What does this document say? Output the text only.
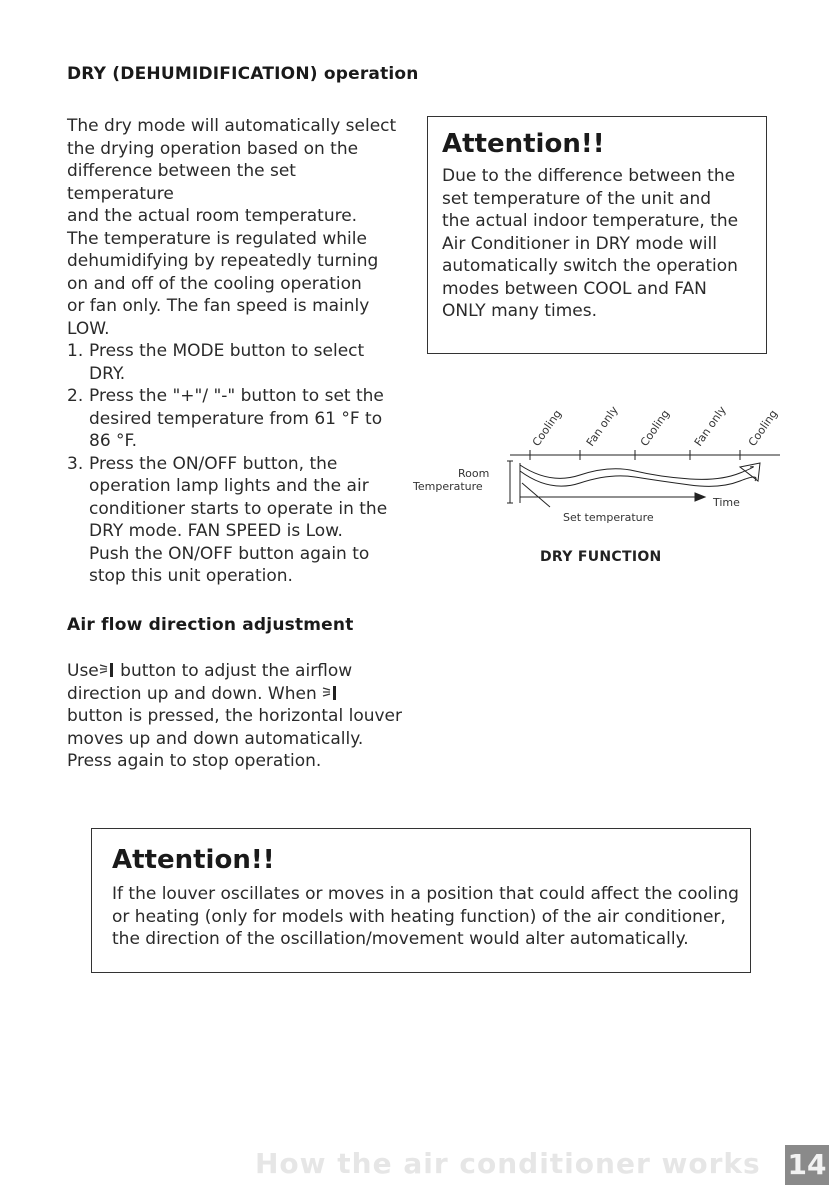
DRY (DEHUMIDIFICATION) operation

The dry mode will automatically select

the drying operation based on the

difference between the set temperature

and the actual room temperature.

The temperature is regulated while

dehumidifying by repeatedly turning

on and off of the cooling operation

or fan only. The fan speed is mainly

LOW.

1. Press the MODE button to select

DRY.

2. Press the "+"/ "-" button to set the

desired temperature from 61 °F to

86 °F.

3. Press the ON/OFF button, the

operation lamp lights and the air

conditioner starts to operate in the

DRY mode. FAN SPEED is Low.

Push the ON/OFF button again to

stop this unit operation.

Air flow direction adjustment

Use button to adjust the airflow

direction up and down. When

button is pressed, the horizontal louver

moves up and down automatically.

Press again to stop operation.

Attention!!
Due to the difference between the
set temperature of the unit and
the actual indoor temperature, the
Air Conditioner in DRY mode will
automatically switch the operation
modes between COOL and FAN
ONLY many times.
Cooling Fan only Cooling Fan only Cooling
Room
Temperature
Time
Set temperature
DRY FUNCTION
Attention!!
If the louver oscillates or moves in a position that could affect the cooling
or heating (only for models with heating function) of the air conditioner,
the direction of the oscillation/movement would alter automatically.
How the air conditioner works 14
